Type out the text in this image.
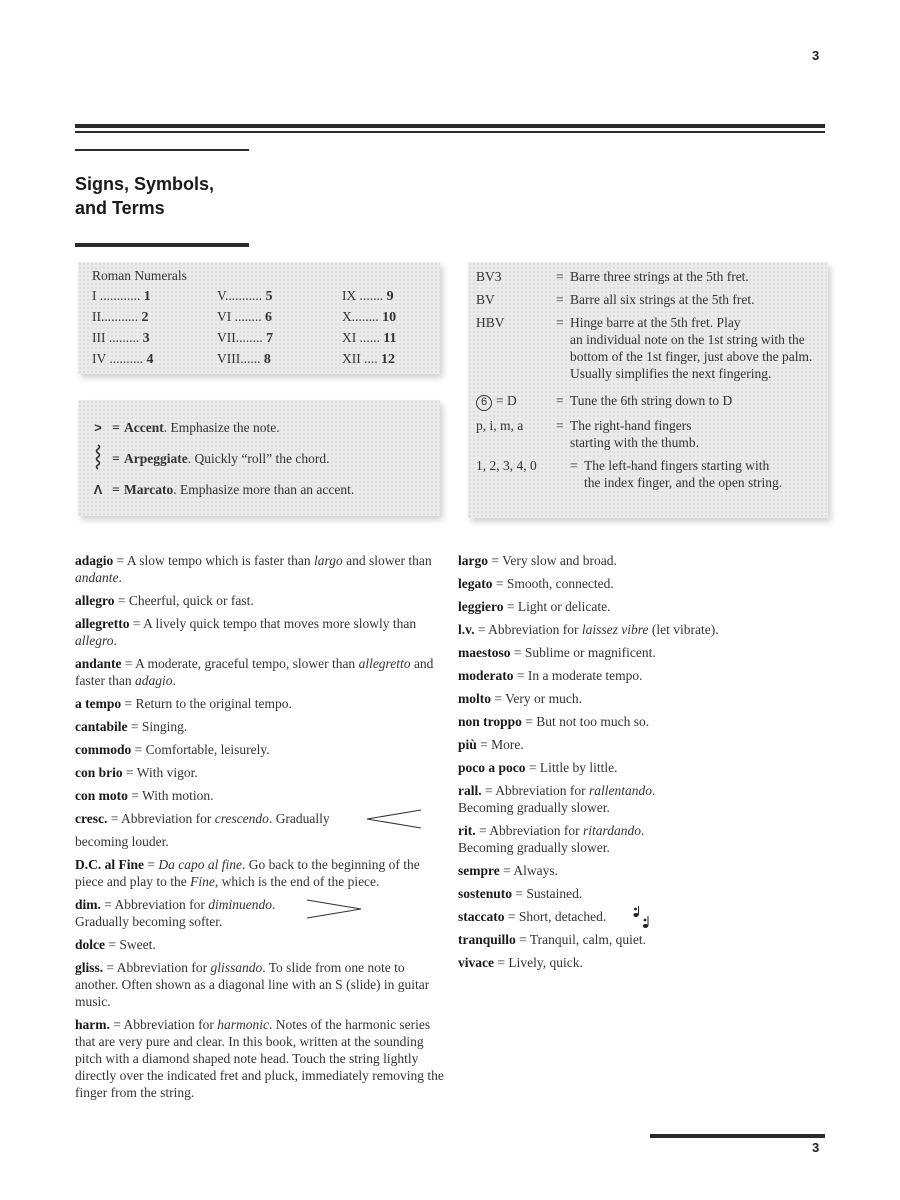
3
Signs, Symbols,
and Terms
Roman Numerals
I ............ 1	V........... 5	IX ....... 9
II........... 2	VI ........ 6	X........ 10
III ......... 3	VII........ 7	XI ...... 11
IV .......... 4	VIII...... 8	XII .... 12
> = Accent . Emphasize the note.
= Arpeggiate . Quickly “roll” the chord.
Λ = Marcato . Emphasize more than an accent.
BV3	= Barre three strings at the 5th fret.
BV	= Barre all six strings at the 5th fret.
HBV	= Hinge barre at the 5th fret. Play
an individual note on the 1st string with the bottom of the 1st finger, just above the palm. Usually simplifies the next fingering.
6 = D	= Tune the 6th string down to D
p, i, m, a	= The right-hand fingers
starting with the thumb.
1, 2, 3, 4, 0	= The left-hand fingers starting with
the index finger, and the open string.
adagio = A slow tempo which is faster than largo and slower than andante.
allegro = Cheerful, quick or fast.
allegretto = A lively quick tempo that moves more slowly than allegro.
andante = A moderate, graceful tempo, slower than allegretto and faster than adagio.
a tempo = Return to the original tempo.
cantabile = Singing.
commodo = Comfortable, leisurely.
con brio = With vigor.
con moto = With motion.
cresc. = Abbreviation for crescendo. Gradually
becoming louder.
D.C. al Fine = Da capo al fine. Go back to the beginning of the piece and play to the Fine, which is the end of the piece.
dim. = Abbreviation for diminuendo.
Gradually becoming softer.
dolce = Sweet.
gliss. = Abbreviation for glissando. To slide from one note to another. Often shown as a diagonal line with an S (slide) in guitar music.
harm. = Abbreviation for harmonic. Notes of the harmonic series that are very pure and clear. In this book, written at the sounding pitch with a diamond shaped note head. Touch the string lightly directly over the indicated fret and pluck, immediately removing the finger from the string.
largo = Very slow and broad.
legato = Smooth, connected.
leggiero = Light or delicate.
l.v. = Abbreviation for laissez vibre (let vibrate).
maestoso = Sublime or magnificent.
moderato = In a moderate tempo.
molto = Very or much.
non troppo = But not too much so.
più = More.
poco a poco = Little by little.
rall. = Abbreviation for rallentando.
Becoming gradually slower.
rit. = Abbreviation for ritardando.
Becoming gradually slower.
sempre = Always.
sostenuto = Sustained.
staccato = Short, detached.
tranquillo = Tranquil, calm, quiet.
vivace = Lively, quick.
3
